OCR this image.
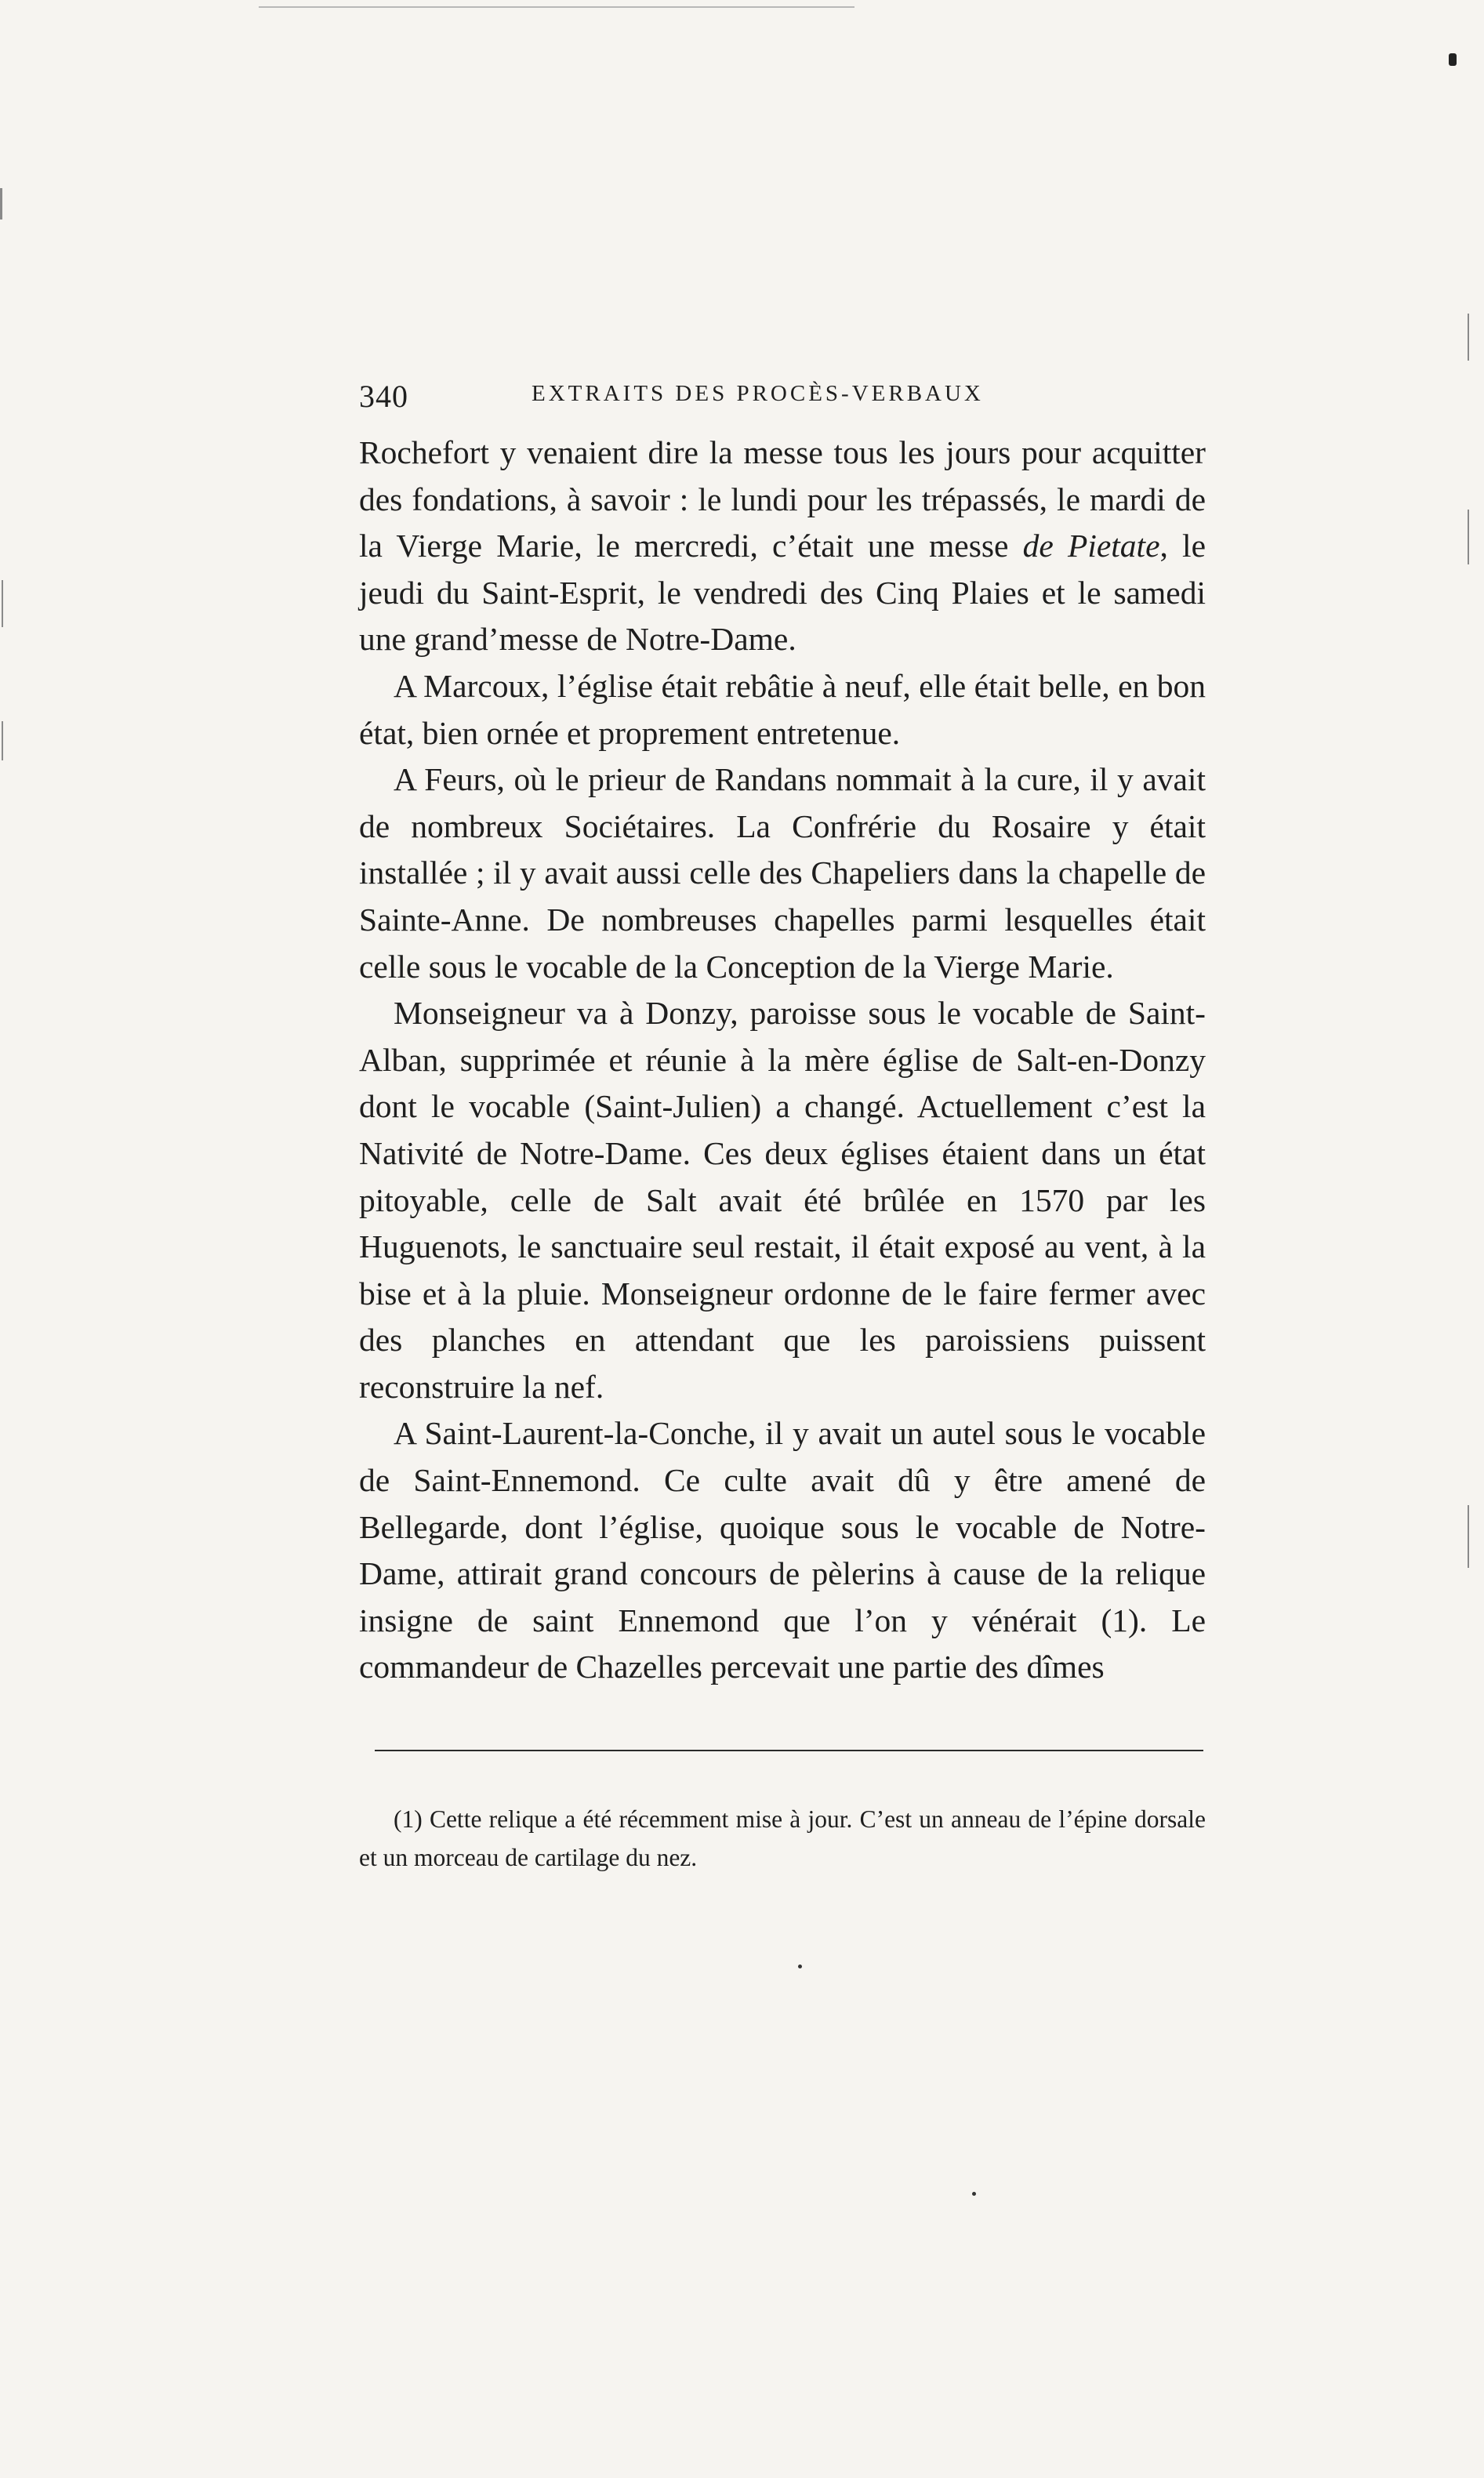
340	EXTRAITS DES PROCÈS-VERBAUX

Rochefort y venaient dire la messe tous les jours pour acquitter des fondations, à savoir : le lundi pour les trépassés, le mardi de la Vierge Marie, le mercredi, c’était une messe de Pietate, le jeudi du Saint-Esprit, le vendredi des Cinq Plaies et le samedi une grand’messe de Notre-Dame.

A Marcoux, l’église était rebâtie à neuf, elle était belle, en bon état, bien ornée et proprement entretenue.

A Feurs, où le prieur de Randans nommait à la cure, il y avait de nombreux Sociétaires. La Confrérie du Rosaire y était installée ; il y avait aussi celle des Chapeliers dans la chapelle de Sainte-Anne. De nombreuses chapelles parmi lesquelles était celle sous le vocable de la Conception de la Vierge Marie.

Monseigneur va à Donzy, paroisse sous le vocable de Saint-Alban, supprimée et réunie à la mère église de Salt-en-Donzy dont le vocable (Saint-Julien) a changé. Actuellement c’est la Nativité de Notre-Dame. Ces deux églises étaient dans un état pitoyable, celle de Salt avait été brûlée en 1570 par les Huguenots, le sanctuaire seul restait, il était exposé au vent, à la bise et à la pluie. Monseigneur ordonne de le faire fermer avec des planches en attendant que les paroissiens puissent reconstruire la nef.

A Saint-Laurent-la-Conche, il y avait un autel sous le vocable de Saint-Ennemond. Ce culte avait dû y être amené de Bellegarde, dont l’église, quoique sous le vocable de Notre-Dame, attirait grand concours de pèlerins à cause de la relique insigne de saint Ennemond que l’on y vénérait (1). Le commandeur de Chazelles percevait une partie des dîmes

(1) Cette relique a été récemment mise à jour. C’est un anneau de l’épine dorsale et un morceau de cartilage du nez.
